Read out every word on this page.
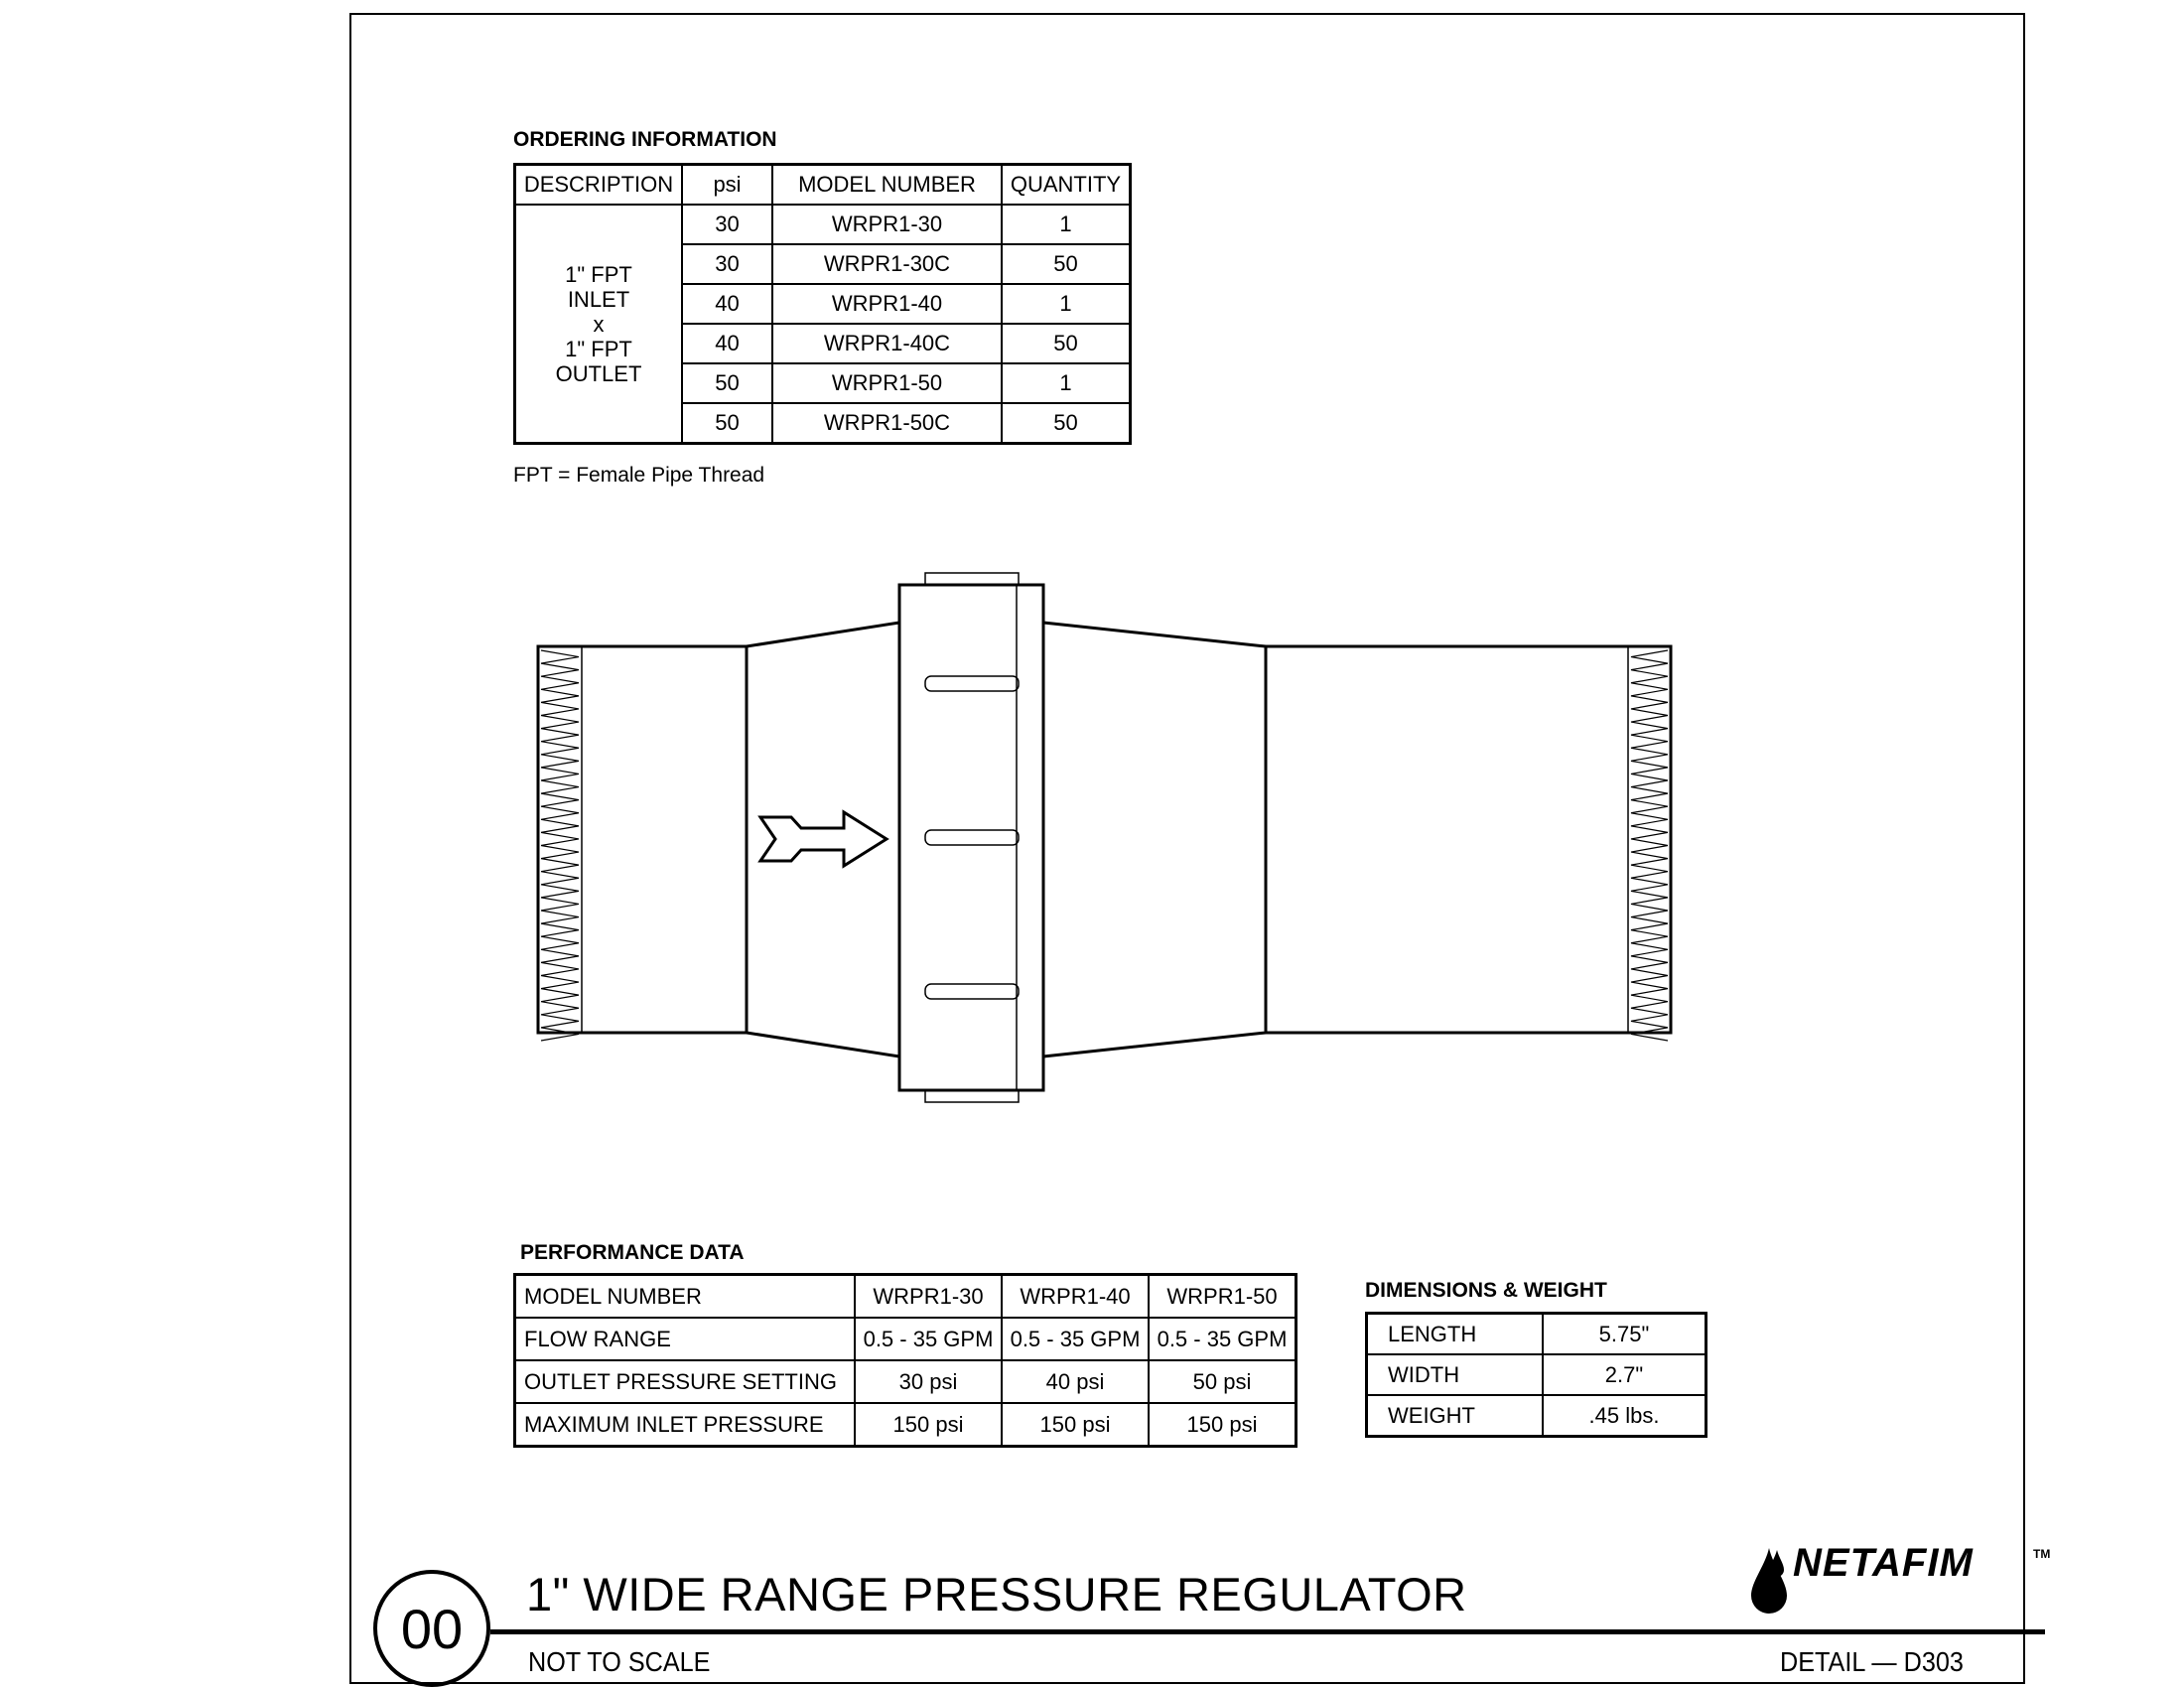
ORDERING INFORMATION
DESCRIPTION	psi	MODEL NUMBER	QUANTITY

1" FPT
INLET
x
1" FPT
OUTLET	30	WRPR1-30	1
	30	WRPR1-30C	50
	40	WRPR1-40	1
	40	WRPR1-40C	50
	50	WRPR1-50	1
	50	WRPR1-50C	50
FPT = Female Pipe Thread
PERFORMANCE DATA
MODEL NUMBER	WRPR1-30	WRPR1-40	WRPR1-50
FLOW RANGE	0.5 - 35 GPM	0.5 - 35 GPM	0.5 - 35 GPM
OUTLET PRESSURE SETTING	30 psi	40 psi	50 psi
MAXIMUM INLET PRESSURE	150 psi	150 psi	150 psi
DIMENSIONS & WEIGHT
LENGTH	5.75"
WIDTH	2.7"
WEIGHT	.45 lbs.
00
1" WIDE RANGE PRESSURE REGULATOR
NOT TO SCALE	DETAIL — D303
NETAFIM	TM
